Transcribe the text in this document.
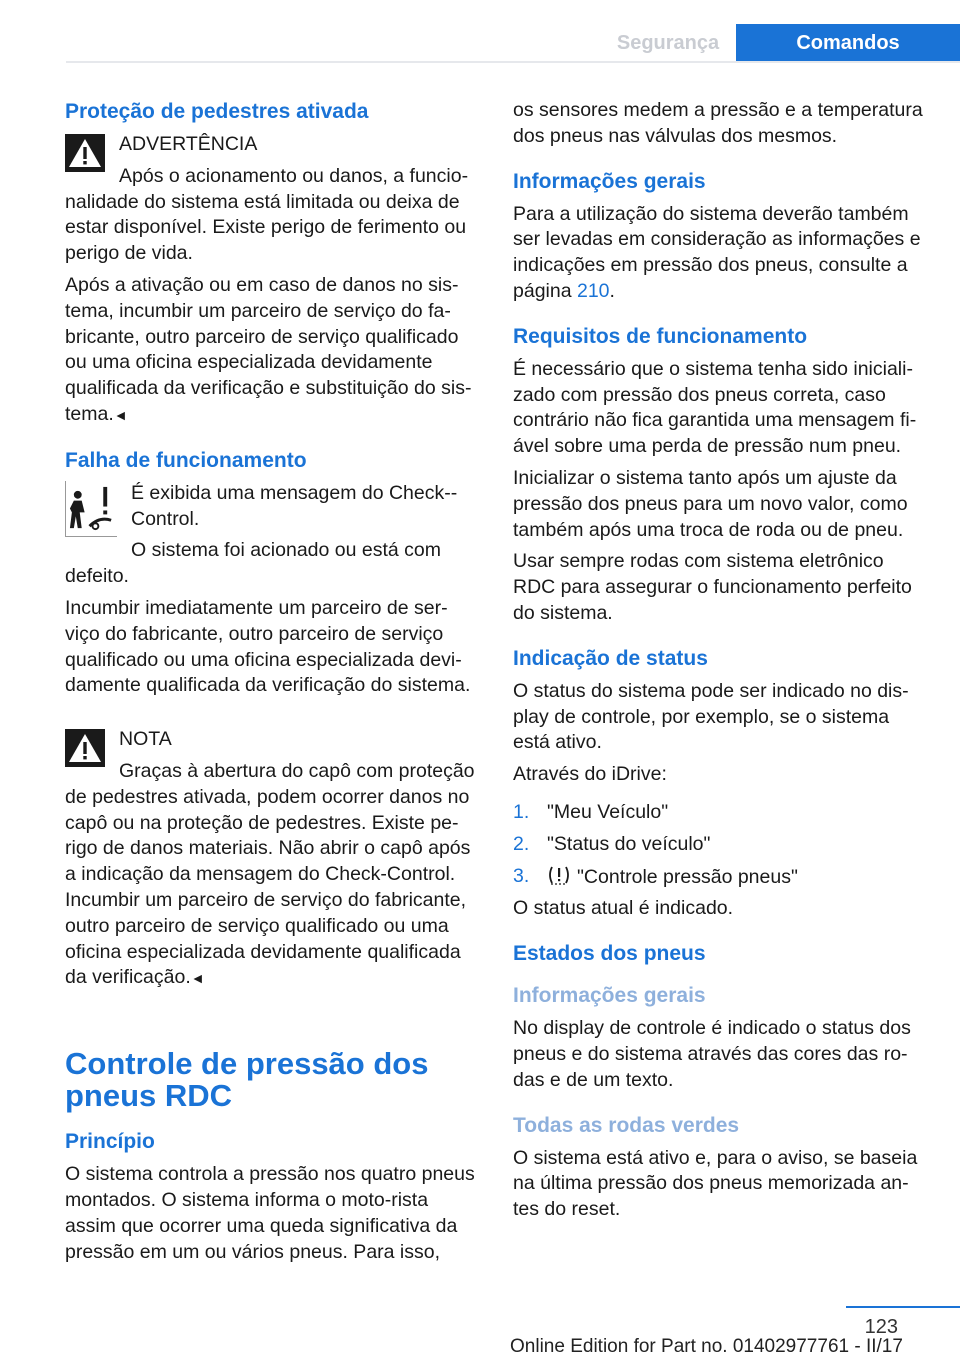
Segurança	Comandos
Proteção de pedestres ativada

ADVERTÊNCIA

Após o acionamento ou danos, a funcio-nalidade do sistema está limitada ou deixa de estar disponível. Existe perigo de ferimento ou perigo de vida.

Após a ativação ou em caso de danos no sis-tema, incumbir um parceiro de serviço do fa-bricante, outro parceiro de serviço qualificado ou uma oficina especializada devidamente qualificada da verificação e substituição do sis-tema.◄

Falha de funcionamento

É exibida uma mensagem do Check--Control.

O sistema foi acionado ou está com defeito.

Incumbir imediatamente um parceiro de ser-viço do fabricante, outro parceiro de serviço qualificado ou uma oficina especializada devi-damente qualificada da verificação do sistema.

NOTA

Graças à abertura do capô com proteção de pedestres ativada, podem ocorrer danos no capô ou na proteção de pedestres. Existe pe-rigo de danos materiais. Não abrir o capô após a indicação da mensagem do Check-Control. Incumbir um parceiro de serviço do fabricante, outro parceiro de serviço qualificado ou uma oficina especializada devidamente qualificada da verificação.◄

Controle de pressão dos pneus RDC
Princípio

O sistema controla a pressão nos quatro pneus montados. O sistema informa o moto-rista assim que ocorrer uma queda significativa da pressão em um ou vários pneus. Para isso,

os sensores medem a pressão e a temperatura dos pneus nas válvulas dos mesmos.

Informações gerais

Para a utilização do sistema deverão também ser levadas em consideração as informações e indicações em pressão dos pneus, consulte a página 210.

Requisitos de funcionamento

É necessário que o sistema tenha sido iniciali-zado com pressão dos pneus correta, caso contrário não fica garantida uma mensagem fi-ável sobre uma perda de pressão num pneu.

Inicializar o sistema tanto após um ajuste da pressão dos pneus para um novo valor, como também após uma troca de roda ou de pneu.

Usar sempre rodas com sistema eletrônico RDC para assegurar o funcionamento perfeito do sistema.

Indicação de status

O status do sistema pode ser indicado no dis-play de controle, por exemplo, se o sistema está ativo.

Através do iDrive:

1. "Meu Veículo"
2. "Status do veículo"
3.	"Controle pressão pneus"

O status atual é indicado.

Estados dos pneus
Informações gerais

No display de controle é indicado o status dos pneus e do sistema através das cores das ro-das e de um texto.

Todas as rodas verdes

O sistema está ativo e, para o aviso, se baseia na última pressão dos pneus memorizada an-tes do reset.

123
Online Edition for Part no. 01402977761 - II/17
